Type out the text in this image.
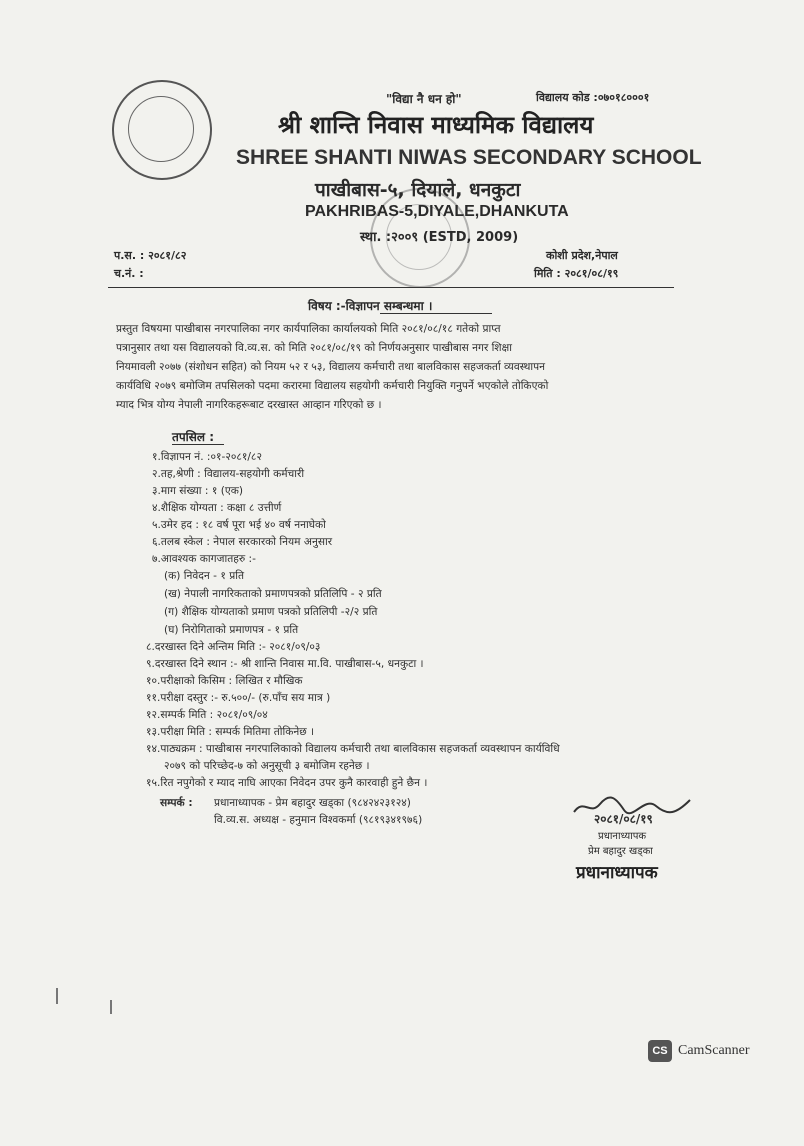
"विद्या नै धन हो"	विद्यालय कोड :०७०१८०००१
श्री शान्ति निवास माध्यमिक विद्यालय
SHREE SHANTI NIWAS SECONDARY SCHOOL
पाखीबास-५, दियाले, धनकुटा
PAKHRIBAS-5,DIYALE,DHANKUTA
स्था. :२००९ (ESTD, 2009)
प.स. : २०८१/८२
च.नं. :
कोशी प्रदेश,नेपाल
मिति : २०८१/०८/१९
विषय :-विज्ञापन सम्बन्धमा ।
प्रस्तुत विषयमा पाखीबास नगरपालिका नगर कार्यपालिका कार्यालयको मिति २०८१/०८/१८ गतेको प्राप्त
पत्रानुसार तथा यस विद्यालयको वि.व्य.स. को मिति २०८१/०८/१९ को निर्णयअनुसार पाखीबास नगर शिक्षा
नियमावली २०७७ (संशोधन सहित) को नियम ५२ र ५३, विद्यालय कर्मचारी तथा बालविकास सहजकर्ता व्यवस्थापन
कार्यविधि २०७९ बमोजिम तपसिलको पदमा करारमा विद्यालय सहयोगी कर्मचारी नियुक्ति गनुपर्ने भएकोले तोकिएको
म्याद भित्र योग्य नेपाली नागरिकहरूबाट दरखास्त आव्हान गरिएको छ ।
तपसिल :
१.विज्ञापन नं. :०१-२०८१/८२
२.तह,श्रेणी : विद्यालय-सहयोगी कर्मचारी
३.माग संख्या : १ (एक)
४.शैक्षिक योग्यता : कक्षा ८ उत्तीर्ण
५.उमेर हद : १८ वर्ष पूरा भई ४० वर्ष ननाघेको
६.तलब स्केल : नेपाल सरकारको नियम अनुसार
७.आवश्यक कागजातहरु :-
(क) निवेदन - १ प्रति
(ख) नेपाली नागरिकताको प्रमाणपत्रको प्रतिलिपि - २ प्रति
(ग) शैक्षिक योग्यताको प्रमाण पत्रको प्रतिलिपी -२/२ प्रति
(घ) निरोगिताको प्रमाणपत्र - १ प्रति
८.दरखास्त दिने अन्तिम मिति :- २०८१/०९/०३
९.दरखास्त दिने स्थान :- श्री शान्ति निवास मा.वि. पाखीबास-५, धनकुटा ।
१०.परीक्षाको किसिम : लिखित र मौखिक
११.परीक्षा दस्तुर :- रु.५००/- (रु.पाँच सय मात्र )
१२.सम्पर्क मिति : २०८१/०९/०४
१३.परीक्षा मिति : सम्पर्क मितिमा तोकिनेछ ।
१४.पाठ्यक्रम : पाखीबास नगरपालिकाको विद्यालय कर्मचारी तथा बालविकास सहजकर्ता व्यवस्थापन कार्यविधि
२०७९ को परिच्छेद-७ को अनुसूची ३ बमोजिम रहनेछ ।
१५.रित नपुगेको र म्याद नाघि आएका निवेदन उपर कुनै कारवाही हुने छैन ।
सम्पर्क : प्रधानाध्यापक - प्रेम बहादुर खड्का (९८४२४२३१२४)
वि.व्य.स. अध्यक्ष - हनुमान विश्वकर्मा (९८१९३४१९७६)	२०८१/०८/१९
प्रधानाध्यापक
प्रेम बहादुर खड्का
प्रधानाध्यापक
CS CamScanner
